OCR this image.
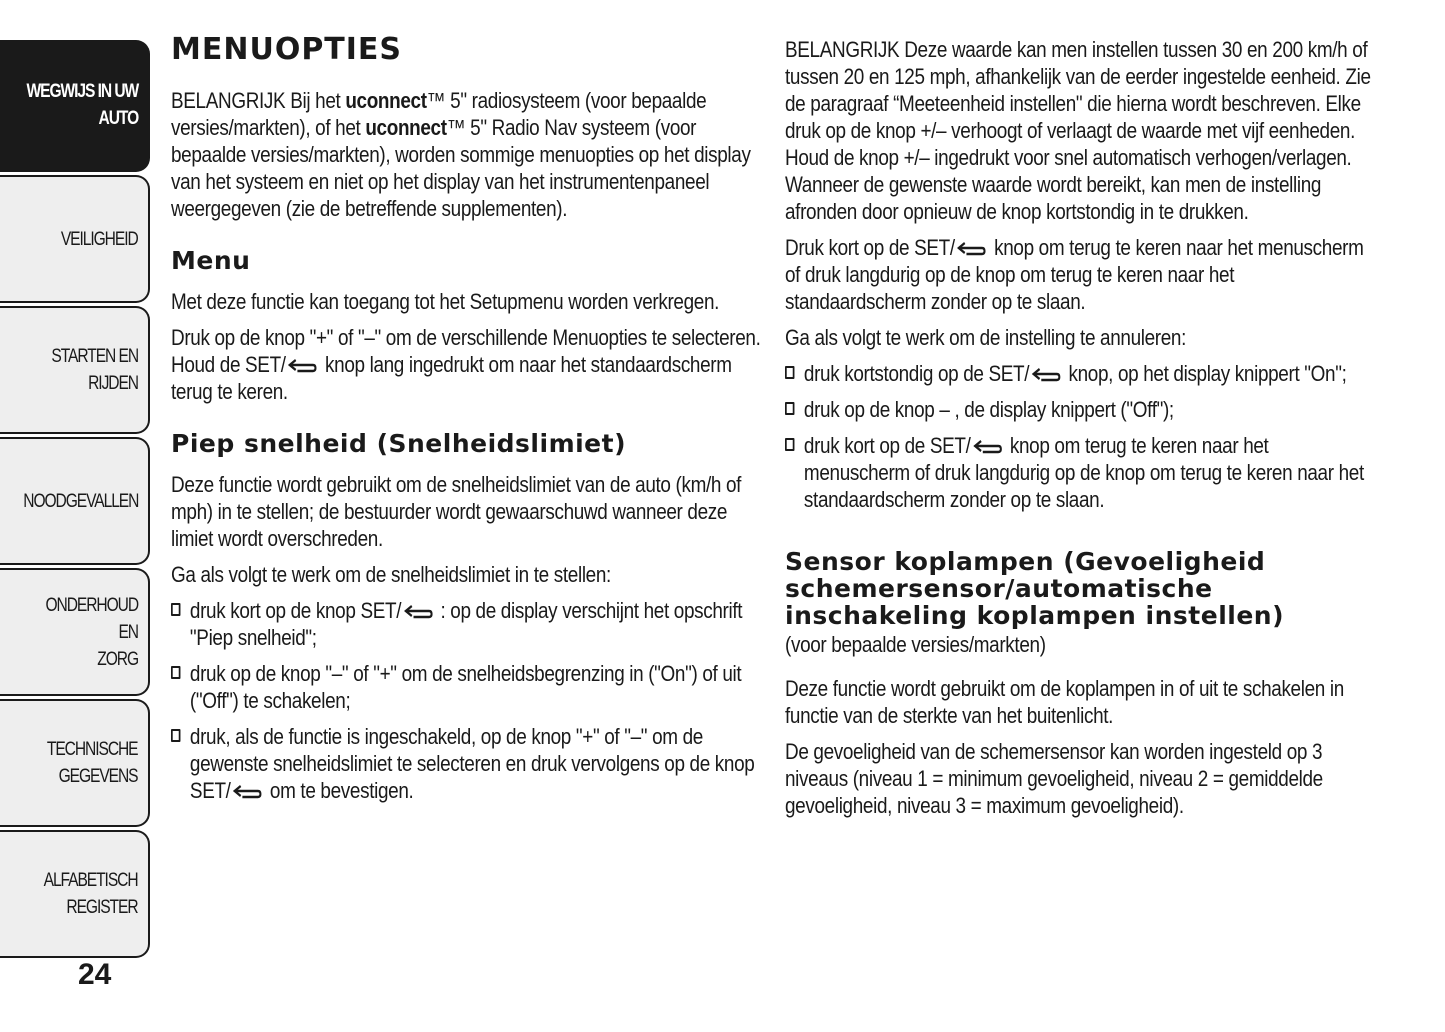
WEGWIJS IN UW
AUTO
VEILIGHEID
STARTEN EN RIJDEN
NOODGEVALLEN
ONDERHOUD EN
ZORG
TECHNISCHE
GEGEVENS
ALFABETISCH
REGISTER
24
MENUOPTIES

BELANGRIJK Bij het uconnect™ 5" radiosysteem (voor bepaalde versies/markten), of het uconnect™ 5" Radio Nav systeem (voor bepaalde versies/markten), worden sommige menuopties op het display van het systeem en niet op het display van het instrumentenpaneel weergegeven (zie de betreffende supplementen).

Menu

Met deze functie kan toegang tot het Setupmenu worden verkregen.

Druk op de knop "+" of "–" om de verschillende Menuopties te selecteren. Houd de SET/ knop lang ingedrukt om naar het standaardscherm terug te keren.

Piep snelheid (Snelheidslimiet)

Deze functie wordt gebruikt om de snelheidslimiet van de auto (km/h of mph) in te stellen; de bestuurder wordt gewaarschuwd wanneer deze limiet wordt overschreden.

Ga als volgt te werk om de snelheidslimiet in te stellen:

druk kort op de knop SET/ : op de display verschijnt het opschrift "Piep snelheid";
druk op de knop "–" of "+" om de snelheidsbegrenzing in ("On") of uit ("Off") te schakelen;
druk, als de functie is ingeschakeld, op de knop "+" of "–" om de gewenste snelheidslimiet te selecteren en druk vervolgens op de knop SET/ om te bevestigen.

BELANGRIJK Deze waarde kan men instellen tussen 30 en 200 km/h of tussen 20 en 125 mph, afhankelijk van de eerder ingestelde eenheid. Zie de paragraaf “Meeteenheid instellen" die hierna wordt beschreven. Elke druk op de knop +/– verhoogt of verlaagt de waarde met vijf eenheden. Houd de knop +/– ingedrukt voor snel automatisch verhogen/verlagen. Wanneer de gewenste waarde wordt bereikt, kan men de instelling afronden door opnieuw de knop kortstondig in te drukken.

Druk kort op de SET/ knop om terug te keren naar het menuscherm of druk langdurig op de knop om terug te keren naar het standaardscherm zonder op te slaan.

Ga als volgt te werk om de instelling te annuleren:

druk kortstondig op de SET/ knop, op het display knippert "On";
druk op de knop – , de display knippert ("Off");
druk kort op de SET/ knop om terug te keren naar het menuscherm of druk langdurig op de knop om terug te keren naar het standaardscherm zonder op te slaan.
Sensor koplampen (Gevoeligheid schemersensor/automatische inschakeling koplampen instellen)

(voor bepaalde versies/markten)

Deze functie wordt gebruikt om de koplampen in of uit te schakelen in functie van de sterkte van het buitenlicht.

De gevoeligheid van de schemersensor kan worden ingesteld op 3 niveaus (niveau 1 = minimum gevoeligheid, niveau 2 = gemiddelde gevoeligheid, niveau 3 = maximum gevoeligheid).
